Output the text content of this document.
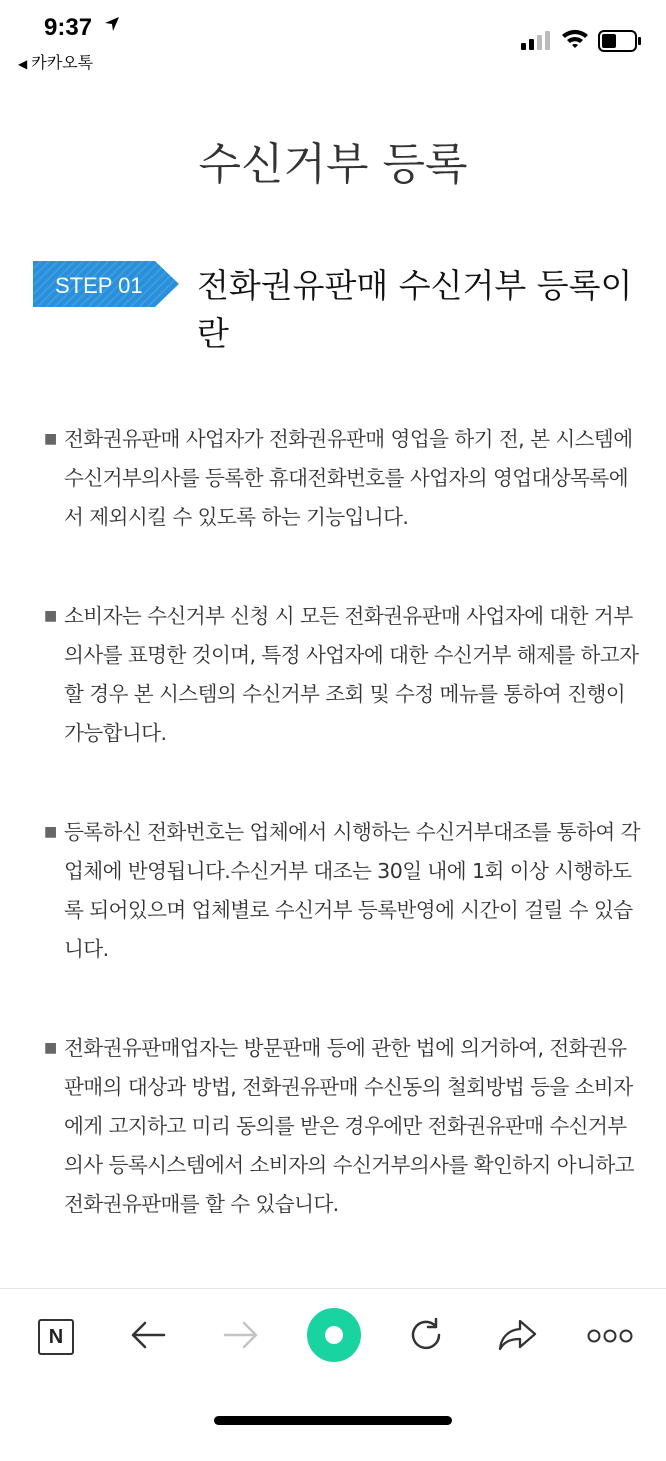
9:37
◀ 카카오톡
수신거부 등록
STEP 01 전화권유판매 수신거부 등록이란
■ 전화권유판매 사업자가 전화권유판매 영업을 하기 전, 본 시스템에 수신거부의사를 등록한 휴대전화번호를 사업자의 영업대상목록에서 제외시킬 수 있도록 하는 기능입니다.
■ 소비자는 수신거부 신청 시 모든 전화권유판매 사업자에 대한 거부의사를 표명한 것이며, 특정 사업자에 대한 수신거부 해제를 하고자 할 경우 본 시스템의 수신거부 조회 및 수정 메뉴를 통하여 진행이 가능합니다.
■ 등록하신 전화번호는 업체에서 시행하는 수신거부대조를 통하여 각 업체에 반영됩니다.수신거부 대조는 30일 내에 1회 이상 시행하도록 되어있으며 업체별로 수신거부 등록반영에 시간이 걸릴 수 있습니다.
■ 전화권유판매업자는 방문판매 등에 관한 법에 의거하여, 전화권유판매의 대상과 방법, 전화권유판매 수신동의 철회방법 등을 소비자에게 고지하고 미리 동의를 받은 경우에만 전화권유판매 수신거부의사 등록시스템에서 소비자의 수신거부의사를 확인하지 아니하고 전화권유판매를 할 수 있습니다.
N
